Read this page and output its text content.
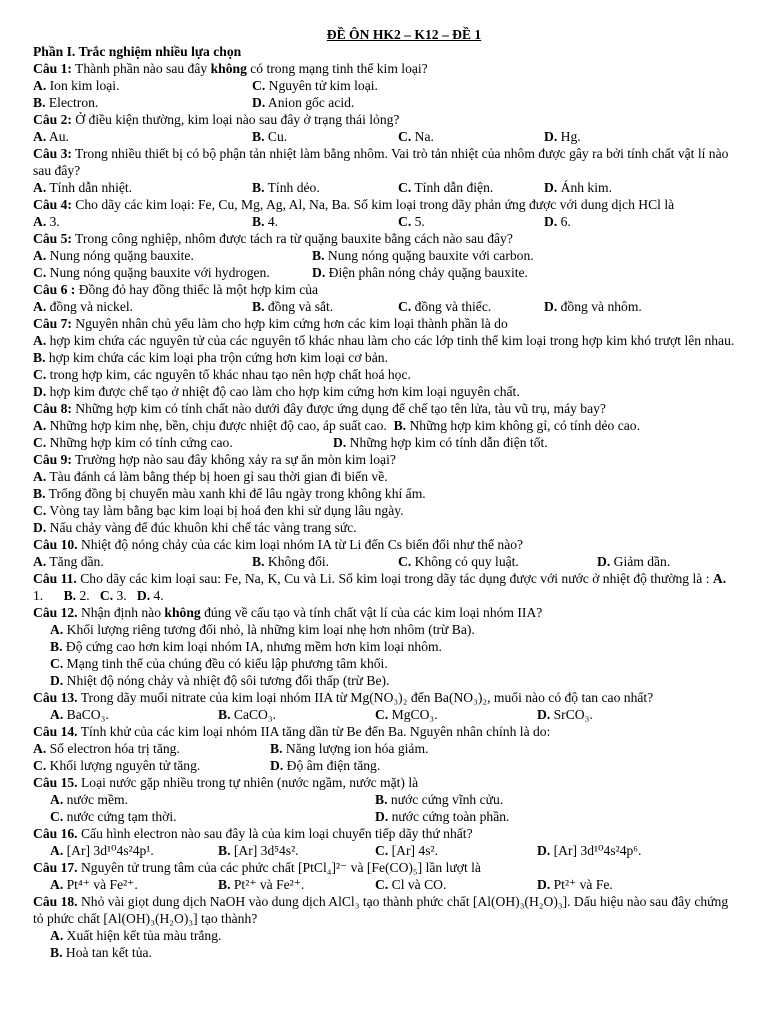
ĐỀ ÔN HK2 – K12 – ĐỀ 1
Phần I. Trắc nghiệm nhiều lựa chọn
Câu 1: Thành phần nào sau đây không có trong mạng tinh thể kim loại?
A. Ion kim loại.	C. Nguyên tử kim loại.
B. Electron.	D. Anion gốc acid.
Câu 2: Ở điều kiện thường, kim loại nào sau đây ở trạng thái lỏng?
A. Au.	B. Cu.	C. Na.	D. Hg.
Câu 3: Trong nhiều thiết bị có bộ phận tản nhiệt làm bằng nhôm. Vai trò tản nhiệt của nhôm được gây ra bởi tính chất vật lí nào sau đây?
A. Tính dẫn nhiệt.	B. Tính dẻo.	C. Tính dẫn điện.	D. Ánh kim.
Câu 4: Cho dãy các kim loại: Fe, Cu, Mg, Ag, Al, Na, Ba. Số kim loại trong dãy phản ứng được với dung dịch HCl là
A. 3.	B. 4.	C. 5.	D. 6.
Câu 5: Trong công nghiệp, nhôm được tách ra từ quặng bauxite bằng cách nào sau đây?
A. Nung nóng quặng bauxite.	B. Nung nóng quặng bauxite với carbon.
C. Nung nóng quặng bauxite với hydrogen.	D. Điện phân nóng chảy quặng bauxite.
Câu 6 : Đồng đỏ hay đồng thiếc là một hợp kim của
A. đồng và nickel.	B. đồng và sắt.	C. đồng và thiếc.	D. đồng và nhôm.
Câu 7: Nguyên nhân chủ yếu làm cho hợp kim cứng hơn các kim loại thành phần là do
A. hợp kim chứa các nguyên tử của các nguyên tố khác nhau làm cho các lớp tinh thể kim loại trong hợp kim khó trượt lên nhau.
B. hợp kim chứa các kim loại pha trộn cứng hơn kim loại cơ bản.
C. trong hợp kim, các nguyên tố khác nhau tạo nên hợp chất hoá học.
D. hợp kim được chế tạo ở nhiệt độ cao làm cho hợp kim cứng hơn kim loại nguyên chất.
Câu 8: Những hợp kim có tính chất nào dưới đây được ứng dụng để chế tạo tên lửa, tàu vũ trụ, máy bay?
A. Những hợp kim nhẹ, bền, chịu được nhiệt độ cao, áp suất cao. B. Những hợp kim không gỉ, có tính dẻo cao.
C. Những hợp kim có tính cứng cao.	D. Những hợp kim có tính dẫn điện tốt.
Câu 9: Trường hợp nào sau đây không xảy ra sự ăn mòn kim loại?
A. Tàu đánh cá làm bằng thép bị hoen gỉ sau thời gian đi biển về.
B. Trống đồng bị chuyển màu xanh khi để lâu ngày trong không khí ẩm.
C. Vòng tay làm bằng bạc kim loại bị hoá đen khi sử dụng lâu ngày.
D. Nấu chảy vàng để đúc khuôn khi chế tác vàng trang sức.
Câu 10. Nhiệt độ nóng chảy của các kim loại nhóm IA từ Li đến Cs biến đổi như thế nào?
A. Tăng dần.	B. Không đổi.	C. Không có quy luật.	D. Giảm dần.
Câu 11. Cho dãy các kim loại sau: Fe, Na, K, Cu và Li. Số kim loại trong dãy tác dụng được với nước ở nhiệt độ thường là : A. 1. B. 2. C. 3. D. 4.
Câu 12. Nhận định nào không đúng về cấu tạo và tính chất vật lí của các kim loại nhóm IIA?
A. Khối lượng riêng tương đối nhỏ, là những kim loại nhẹ hơn nhôm (trừ Ba).
B. Độ cứng cao hơn kim loại nhóm IA, nhưng mềm hơn kim loại nhôm.
C. Mạng tinh thể của chúng đều có kiểu lập phương tâm khối.
D. Nhiệt độ nóng chảy và nhiệt độ sôi tương đối thấp (trừ Be).
Câu 13. Trong dãy muối nitrate của kim loại nhóm IIA từ Mg(NO₃)₂ đến Ba(NO₃)₂, muối nào có độ tan cao nhất?
A. BaCO₃.	B. CaCO₃.	C. MgCO₃.	D. SrCO₃.
Câu 14. Tính khử của các kim loại nhóm IIA tăng dần từ Be đến Ba. Nguyên nhân chính là do:
A. Số electron hóa trị tăng.	B. Năng lượng ion hóa giảm.
C. Khối lượng nguyên tử tăng.	D. Độ âm điện tăng.
Câu 15. Loại nước gặp nhiều trong tự nhiên (nước ngầm, nước mặt) là
A. nước mềm.	B. nước cứng vĩnh cửu.
C. nước cứng tạm thời.	D. nước cứng toàn phần.
Câu 16. Cấu hình electron nào sau đây là của kim loại chuyển tiếp dãy thứ nhất?
A. [Ar] 3d¹⁰4s²4p¹.	B. [Ar] 3d⁵4s².	C. [Ar] 4s².	D. [Ar] 3d¹⁰4s²4p⁶.
Câu 17. Nguyên tử trung tâm của các phức chất [PtCl₄]²⁻ và [Fe(CO)₅] lần lượt là
A. Pt⁴⁺ và Fe²⁺.	B. Pt²⁺ và Fe²⁺.	C. Cl và CO.	D. Pt²⁺ và Fe.
Câu 18. Nhỏ vài giọt dung dịch NaOH vào dung dịch AlCl₃ tạo thành phức chất [Al(OH)₃(H₂O)₃]. Dấu hiệu nào sau đây chứng tỏ phức chất [Al(OH)₃(H₂O)₃] tạo thành?
A. Xuất hiện kết tủa màu trắng.
B. Hoà tan kết tủa.
